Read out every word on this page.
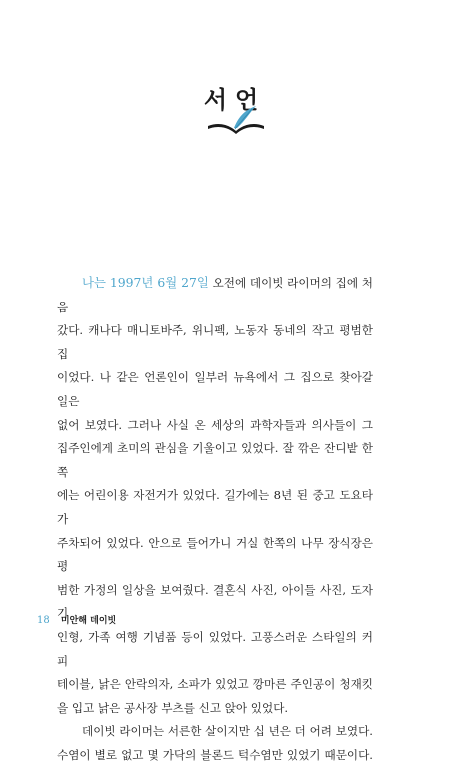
서언

나는 1997년 6월 27일 오전에 데이빗 라이머의 집에 처음
갔다. 캐나다 매니토바주, 위니펙, 노동자 동네의 작고 평범한 집
이었다. 나 같은 언론인이 일부러 뉴욕에서 그 집으로 찾아갈 일은
없어 보였다. 그러나 사실 온 세상의 과학자들과 의사들이 그
집주인에게 초미의 관심을 기울이고 있었다. 잘 깎은 잔디밭 한쪽
에는 어린이용 자전거가 있었다. 길가에는 8년 된 중고 도요타가
주차되어 있었다. 안으로 들어가니 거실 한쪽의 나무 장식장은 평
범한 가정의 일상을 보여줬다. 결혼식 사진, 아이들 사진, 도자기
인형, 가족 여행 기념품 등이 있었다. 고풍스러운 스타일의 커피
테이블, 낡은 안락의자, 소파가 있었고 깡마른 주인공이 청재킷
을 입고 낡은 공사장 부츠를 신고 앉아 있었다.

데이빗 라이머는 서른한 살이지만 십 년은 더 어려 보였다.
수염이 별로 없고 몇 가닥의 블론드 턱수염만 있었기 때문이다.

18 미안해 데이빗
